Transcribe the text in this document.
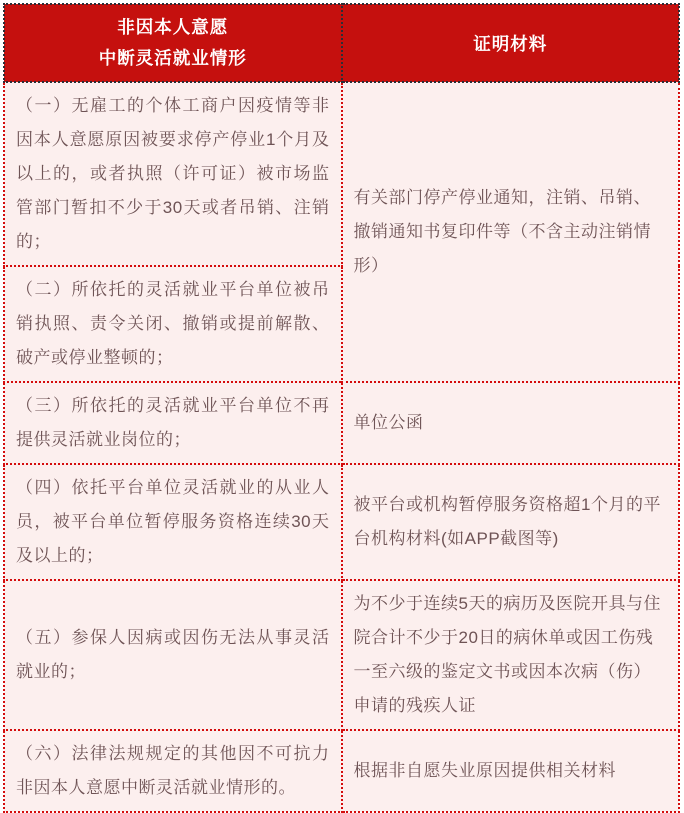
非因本人意愿
中断灵活就业情形	证明材料
（一）无雇工的个体工商户因疫情等非因本人意愿原因被要求停产停业1个月及以上的，或者执照（许可证）被市场监管部门暂扣不少于30天或者吊销、注销的；	有关部门停产停业通知，注销、吊销、撤销通知书复印件等（不含主动注销情形）
（二）所依托的灵活就业平台单位被吊销执照、责令关闭、撤销或提前解散、破产或停业整顿的；	
（三）所依托的灵活就业平台单位不再提供灵活就业岗位的；	单位公函
（四）依托平台单位灵活就业的从业人员，被平台单位暂停服务资格连续30天及以上的；	被平台或机构暂停服务资格超1个月的平台机构材料(如APP截图等)
（五）参保人因病或因伤无法从事灵活就业的；	为不少于连续5天的病历及医院开具与住院合计不少于20日的病休单或因工伤残一至六级的鉴定文书或因本次病（伤）申请的残疾人证
（六）法律法规规定的其他因不可抗力非因本人意愿中断灵活就业情形的。	根据非自愿失业原因提供相关材料
